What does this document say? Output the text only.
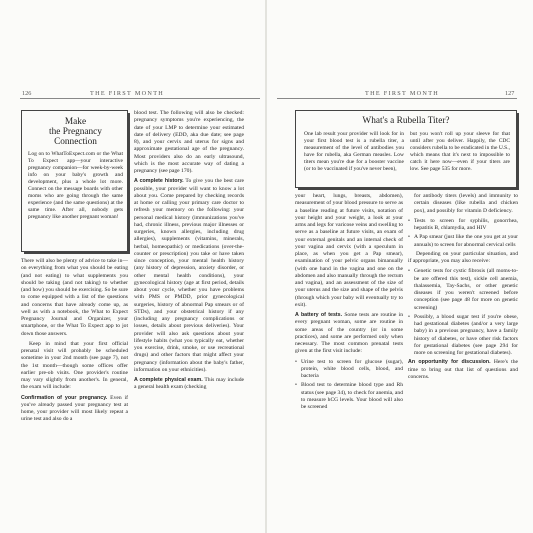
126	THE FIRST MONTH
Make
the Pregnancy
Connection
Log on to WhatToExpect.com or the What To Expect app—your interactive pregnancy companion—for week-by-week info on your baby's growth and development, plus a whole lot more. Connect on the message boards with other moms who are going through the same experience (and the same questions) at the same time. After all, nobody gets pregnancy like another pregnant woman!

There will also be plenty of advice to take in—on everything from what you should be eating (and not eating) to what supplements you should be taking (and not taking) to whether (and how) you should be exercising. So be sure to come equipped with a list of the questions and concerns that have already come up, as well as with a notebook, the What to Expect Pregnancy Journal and Organizer, your smartphone, or the What To Expect app to jot down those answers.

Keep in mind that your first official prenatal visit will probably be scheduled sometime in your 2nd month (see page 7), not the 1st month—though some offices offer earlier pre-ob visits. One provider's routine may vary slightly from another's. In general, the exam will include:

Confirmation of your pregnancy. Even if you've already passed your pregnancy test at home, your provider will most likely repeat a urine test and also do a

blood test. The following will also be checked: pregnancy symptoms you're experiencing, the date of your LMP to determine your estimated date of delivery (EDD, aka due date; see page 8), and your cervix and uterus for signs and approximate gestational age of the pregnancy. Most providers also do an early ultrasound, which is the most accurate way of dating a pregnancy (see page 170).

A complete history. To give you the best care possible, your provider will want to know a lot about you. Come prepared by checking records at home or calling your primary care doctor to refresh your memory on the following: your personal medical history (immunizations you've had, chronic illness, previous major illnesses or surgeries, known allergies, including drug allergies), supplements (vitamins, minerals, herbal, homeopathic) or medications (over-the-counter or prescription) you take or have taken since conception, your mental health history (any history of depression, anxiety disorder, or other mental health conditions), your gynecological history (age at first period, details about your cycle, whether you have problems with PMS or PMDD, prior gynecological surgeries, history of abnormal Pap smears or of STDs), and your obstetrical history if any (including any pregnancy complications or losses, details about previous deliveries). Your provider will also ask questions about your lifestyle habits (what you typically eat, whether you exercise, drink, smoke, or use recreational drugs) and other factors that might affect your pregnancy (information about the baby's father, information on your ethnicities).

A complete physical exam. This may include a general health exam (checking

THE FIRST MONTH	127
What's a Rubella Titer?
One lab result your provider will look for in your first blood test is a rubella titer, a measurement of the level of antibodies you have for rubella, aka German measles. Low titers mean you're due for a booster vaccine (or to be vaccinated if you've never been),
but you won't roll up your sleeve for that until after you deliver. Happily, the CDC considers rubella to be eradicated in the U.S., which means that it's next to impossible to catch it here now—even if your titers are low. See page 535 for more.

your heart, lungs, breasts, abdomen), measurement of your blood pressure to serve as a baseline reading at future visits, notation of your height and your weight, a look at your arms and legs for varicose veins and swelling to serve as a baseline at future visits, an exam of your external genitals and an internal check of your vagina and cervix (with a speculum in place, as when you get a Pap smear), examination of your pelvic organs bimanually (with one hand in the vagina and one on the abdomen and also manually through the rectum and vagina), and an assessment of the size of your uterus and the size and shape of the pelvis (through which your baby will eventually try to exit).

A battery of tests. Some tests are routine in every pregnant woman, some are routine in some areas of the country (or in some practices), and some are performed only when necessary. The most common prenatal tests given at the first visit include:

• Urine test to screen for glucose (sugar), protein, white blood cells, blood, and bacteria
• Blood test to determine blood type and Rh status (see page 34), to check for anemia, and to measure hCG levels. Your blood will also be screened

for antibody titers (levels) and immunity to certain diseases (like rubella and chicken pox), and possibly for vitamin D deficiency.

• Tests to screen for syphilis, gonorrhea, hepatitis B, chlamydia, and HIV
• A Pap smear (just like the one you get at your annuals) to screen for abnormal cervical cells

Depending on your particular situation, and if appropriate, you may also receive:

• Genetic tests for cystic fibrosis (all moms-to-be are offered this test), sickle cell anemia, thalassemia, Tay-Sachs, or other genetic diseases if you weren't screened before conception (see page 48 for more on genetic screening)
• Possibly, a blood sugar test if you're obese, had gestational diabetes (and/or a very large baby) in a previous pregnancy, have a family history of diabetes, or have other risk factors for gestational diabetes (see page 294 for more on screening for gestational diabetes).

An opportunity for discussion. Here's the time to bring out that list of questions and concerns.
